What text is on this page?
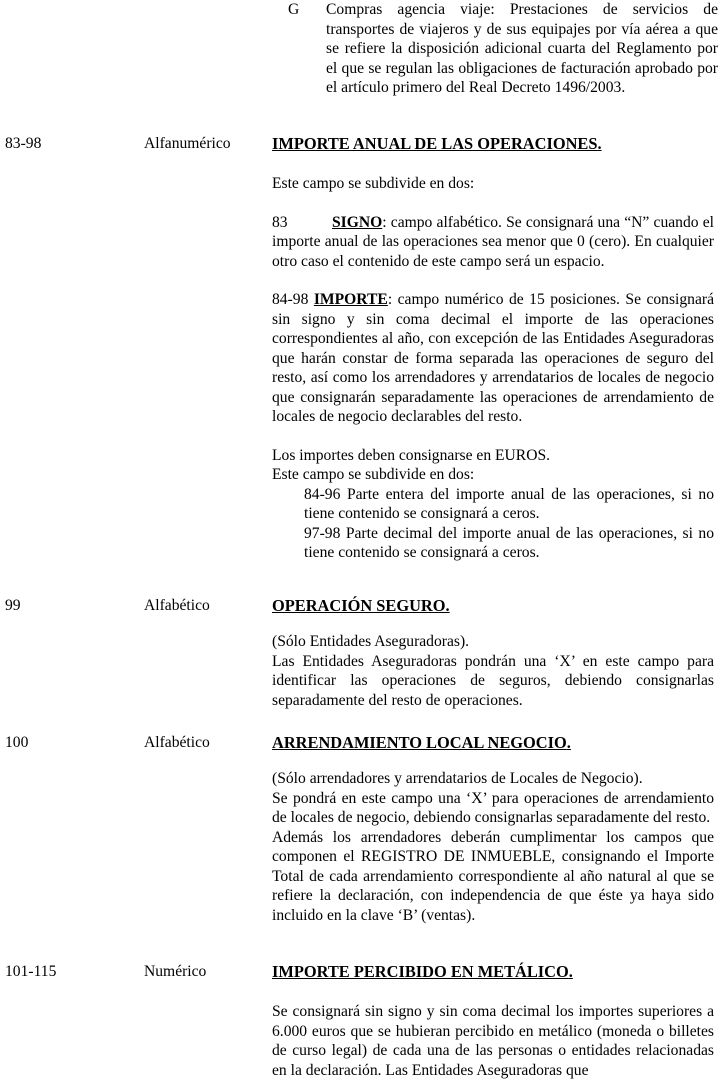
G	Compras agencia viaje: Prestaciones de servicios de transportes de viajeros y de sus equipajes por vía aérea a que se refiere la disposición adicional cuarta del Reglamento por el que se regulan las obligaciones de facturación aprobado por el artículo primero del Real Decreto 1496/2003.
83-98	Alfanumérico	IMPORTE ANUAL DE LAS OPERACIONES.

Este campo se subdivide en dos:

83	SIGNO: campo alfabético. Se consignará una “N” cuando el importe anual de las operaciones sea menor que 0 (cero). En cualquier otro caso el contenido de este campo será un espacio.

84-98 IMPORTE: campo numérico de 15 posiciones. Se consignará sin signo y sin coma decimal el importe de las operaciones correspondientes al año, con excepción de las Entidades Aseguradoras que harán constar de forma separada las operaciones de seguro del resto, así como los arrendadores y arrendatarios de locales de negocio que consignarán separadamente las operaciones de arrendamiento de locales de negocio declarables del resto.

Los importes deben consignarse en EUROS.

Este campo se subdivide en dos:

84-96 Parte entera del importe anual de las operaciones, si no tiene contenido se consignará a ceros.

97-98 Parte decimal del importe anual de las operaciones, si no tiene contenido se consignará a ceros.

99	Alfabético	OPERACIÓN SEGURO.

(Sólo Entidades Aseguradoras).

Las Entidades Aseguradoras pondrán una ‘X’ en este campo para identificar las operaciones de seguros, debiendo consignarlas separadamente del resto de operaciones.

100	Alfabético	ARRENDAMIENTO LOCAL NEGOCIO.

(Sólo arrendadores y arrendatarios de Locales de Negocio).

Se pondrá en este campo una ‘X’ para operaciones de arrendamiento de locales de negocio, debiendo consignarlas separadamente del resto.

Además los arrendadores deberán cumplimentar los campos que componen el REGISTRO DE INMUEBLE, consignando el Importe Total de cada arrendamiento correspondiente al año natural al que se refiere la declaración, con independencia de que éste ya haya sido incluido en la clave ‘B’ (ventas).

101-115	Numérico	IMPORTE PERCIBIDO EN METÁLICO.

Se consignará sin signo y sin coma decimal los importes superiores a 6.000 euros que se hubieran percibido en metálico (moneda o billetes de curso legal) de cada una de las personas o entidades relacionadas en la declaración. Las Entidades Aseguradoras que
